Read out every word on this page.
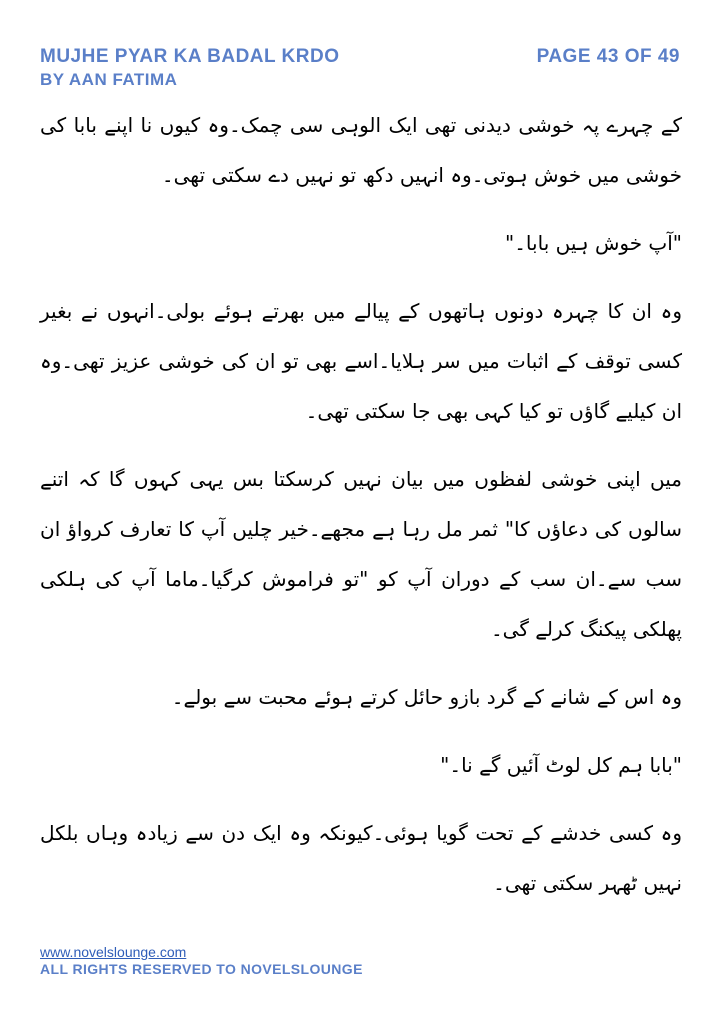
MUJHE PYAR KA BADAL KRDO
BY AAN FATIMA
PAGE 43 OF 49

کے چہرے پہ خوشی دیدنی تھی ایک الوہی سی چمک۔وہ کیوں نا اپنے بابا کی خوشی میں خوش ہوتی۔وہ انہیں دکھ تو نہیں دے سکتی تھی۔

"آپ خوش ہیں بابا۔"

وہ ان کا چہرہ دونوں ہاتھوں کے پیالے میں بھرتے ہوئے بولی۔انہوں نے بغیر کسی توقف کے اثبات میں سر ہلایا۔اسے بھی تو ان کی خوشی عزیز تھی۔وہ ان کیلیے گاؤں تو کیا کہی بھی جا سکتی تھی۔

میں اپنی خوشی لفظوں میں بیان نہیں کرسکتا بس یہی کہوں گا کہ اتنے سالوں کی دعاؤں کا" ثمر مل رہا ہے مجھے۔خیر چلیں آپ کا تعارف کرواؤ ان سب سے۔ان سب کے دوران آپ کو "تو فراموش کرگیا۔ماما آپ کی ہلکی پھلکی پیکنگ کرلے گی۔

وہ اس کے شانے کے گرد بازو حائل کرتے ہوئے محبت سے بولے۔

"بابا ہم کل لوٹ آئیں گے نا۔"

وہ کسی خدشے کے تحت گویا ہوئی۔کیونکہ وہ ایک دن سے زیادہ وہاں بلکل نہیں ٹھہر سکتی تھی۔

www.novelslounge.com
ALL RIGHTS RESERVED TO NOVELSLOUNGE
